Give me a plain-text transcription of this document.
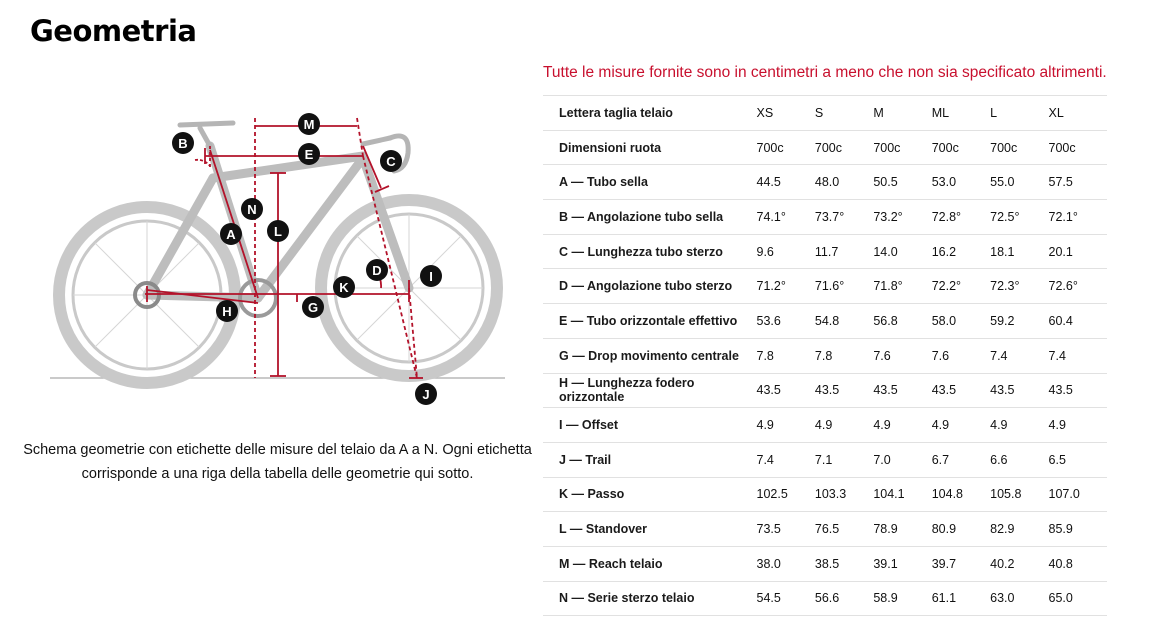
Geometria
M
B
E	C
N
A	L
D	I
K
H	G
J

Schema geometrie con etichette delle misure del telaio da A a N. Ogni etichetta corrisponde a una riga della tabella delle geometrie qui sotto.

Tutte le misure fornite sono in centimetri a meno che non sia specificato altrimenti.

Lettera taglia telaio	XS	S	M	ML	L	XL
Dimensioni ruota	700c	700c	700c	700c	700c	700c
A — Tubo sella	44.5	48.0	50.5	53.0	55.0	57.5
B — Angolazione tubo sella	74.1°	73.7°	73.2°	72.8°	72.5°	72.1°
C — Lunghezza tubo sterzo	9.6	11.7	14.0	16.2	18.1	20.1
D — Angolazione tubo sterzo	71.2°	71.6°	71.8°	72.2°	72.3°	72.6°
E — Tubo orizzontale effettivo	53.6	54.8	56.8	58.0	59.2	60.4
G — Drop movimento centrale	7.8	7.8	7.6	7.6	7.4	7.4
H — Lunghezza fodero orizzontale	43.5	43.5	43.5	43.5	43.5	43.5
I — Offset	4.9	4.9	4.9	4.9	4.9	4.9
J — Trail	7.4	7.1	7.0	6.7	6.6	6.5
K — Passo	102.5	103.3	104.1	104.8	105.8	107.0
L — Standover	73.5	76.5	78.9	80.9	82.9	85.9
M — Reach telaio	38.0	38.5	39.1	39.7	40.2	40.8
N — Serie sterzo telaio	54.5	56.6	58.9	61.1	63.0	65.0
